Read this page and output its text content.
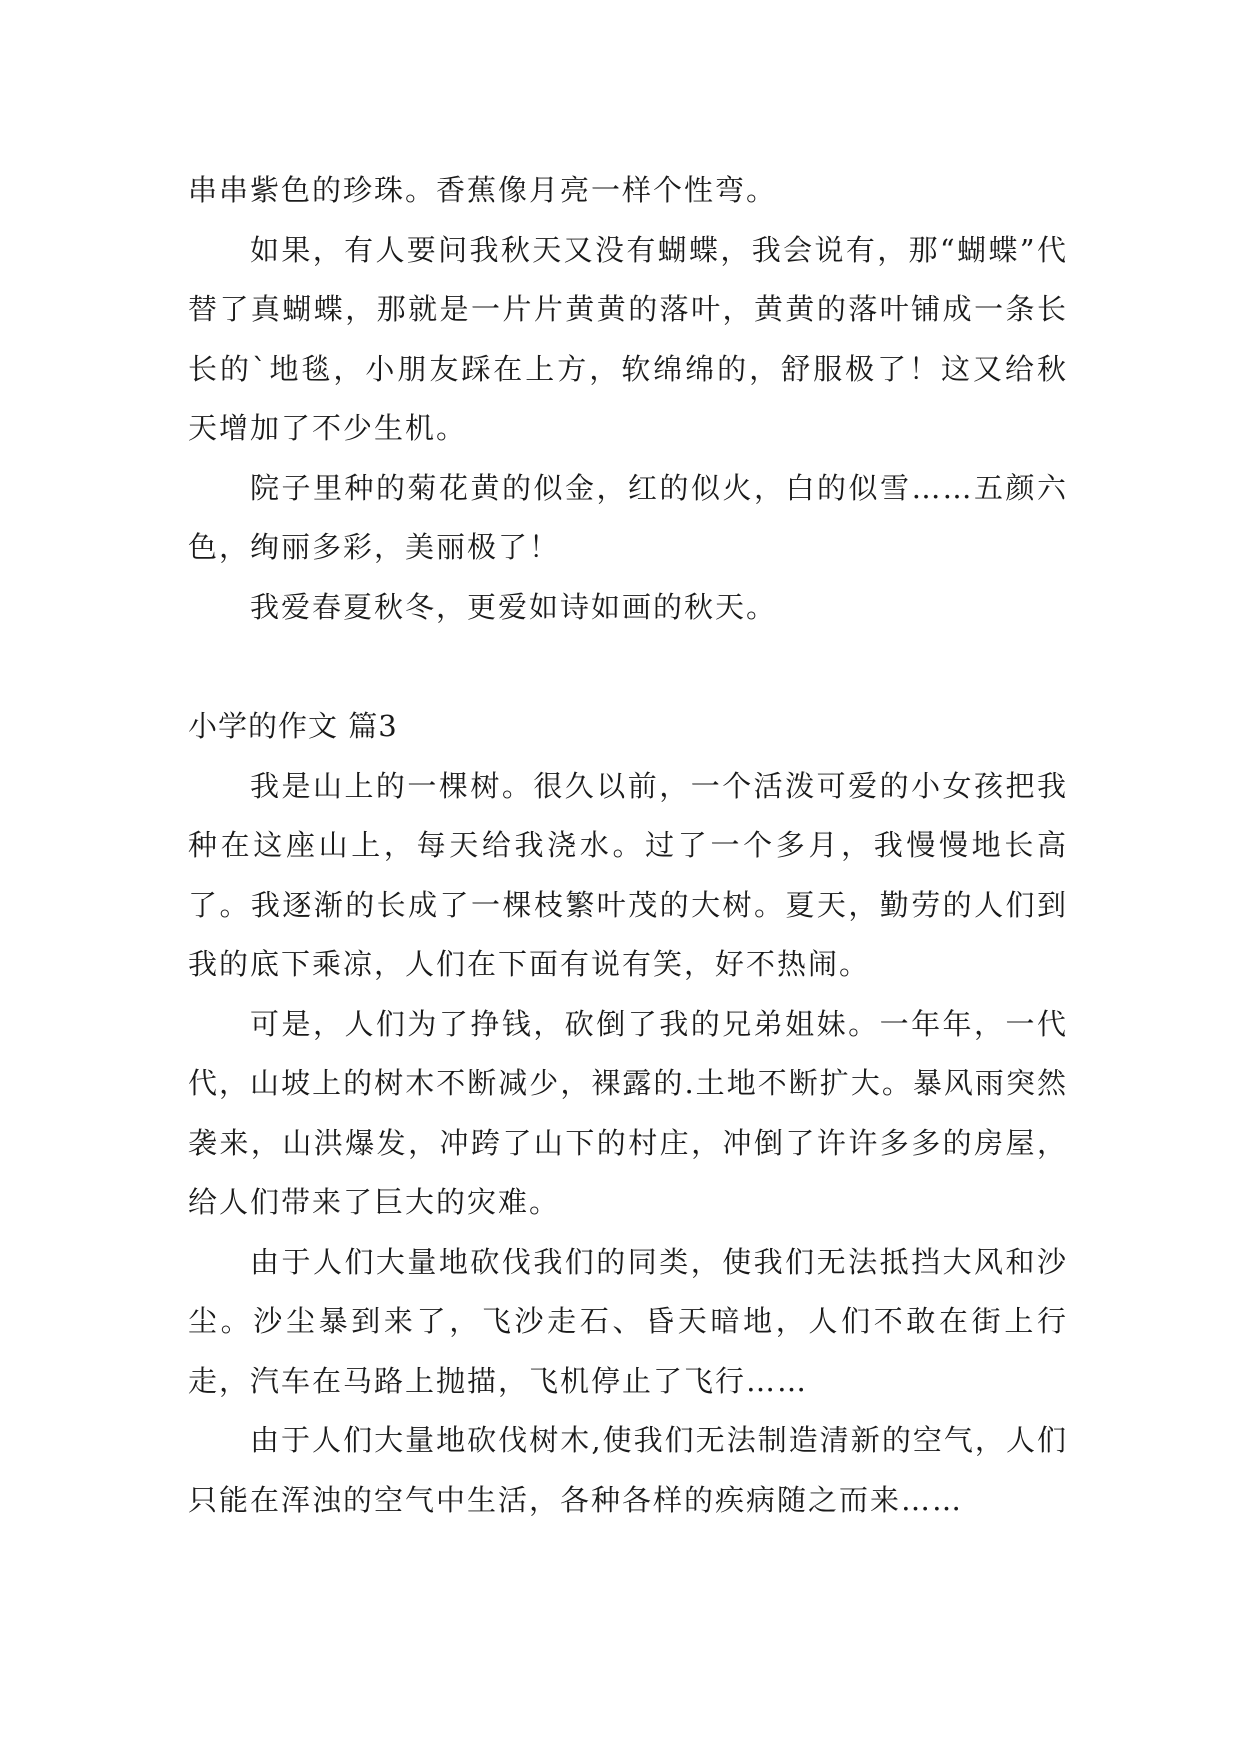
串串紫色的珍珠。香蕉像月亮一样个性弯。

如果，有人要问我秋天又没有蝴蝶，我会说有，那“蝴蝶”代替了真蝴蝶，那就是一片片黄黄的落叶，黄黄的落叶铺成一条长长的`地毯，小朋友踩在上方，软绵绵的，舒服极了！这又给秋天增加了不少生机。

院子里种的菊花黄的似金，红的似火，白的似雪……五颜六色，绚丽多彩，美丽极了！

我爱春夏秋冬，更爱如诗如画的秋天。

小学的作文 篇3

我是山上的一棵树。很久以前，一个活泼可爱的小女孩把我种在这座山上，每天给我浇水。过了一个多月，我慢慢地长高了。我逐渐的长成了一棵枝繁叶茂的大树。夏天，勤劳的人们到我的底下乘凉，人们在下面有说有笑，好不热闹。

可是，人们为了挣钱，砍倒了我的兄弟姐妹。一年年，一代代，山坡上的树木不断减少，裸露的.土地不断扩大。暴风雨突然袭来，山洪爆发，冲跨了山下的村庄，冲倒了许许多多的房屋，给人们带来了巨大的灾难。

由于人们大量地砍伐我们的同类，使我们无法抵挡大风和沙尘。沙尘暴到来了，飞沙走石、昏天暗地，人们不敢在街上行走，汽车在马路上抛描，飞机停止了飞行……

由于人们大量地砍伐树木,使我们无法制造清新的空气，人们只能在浑浊的空气中生活，各种各样的疾病随之而来……
